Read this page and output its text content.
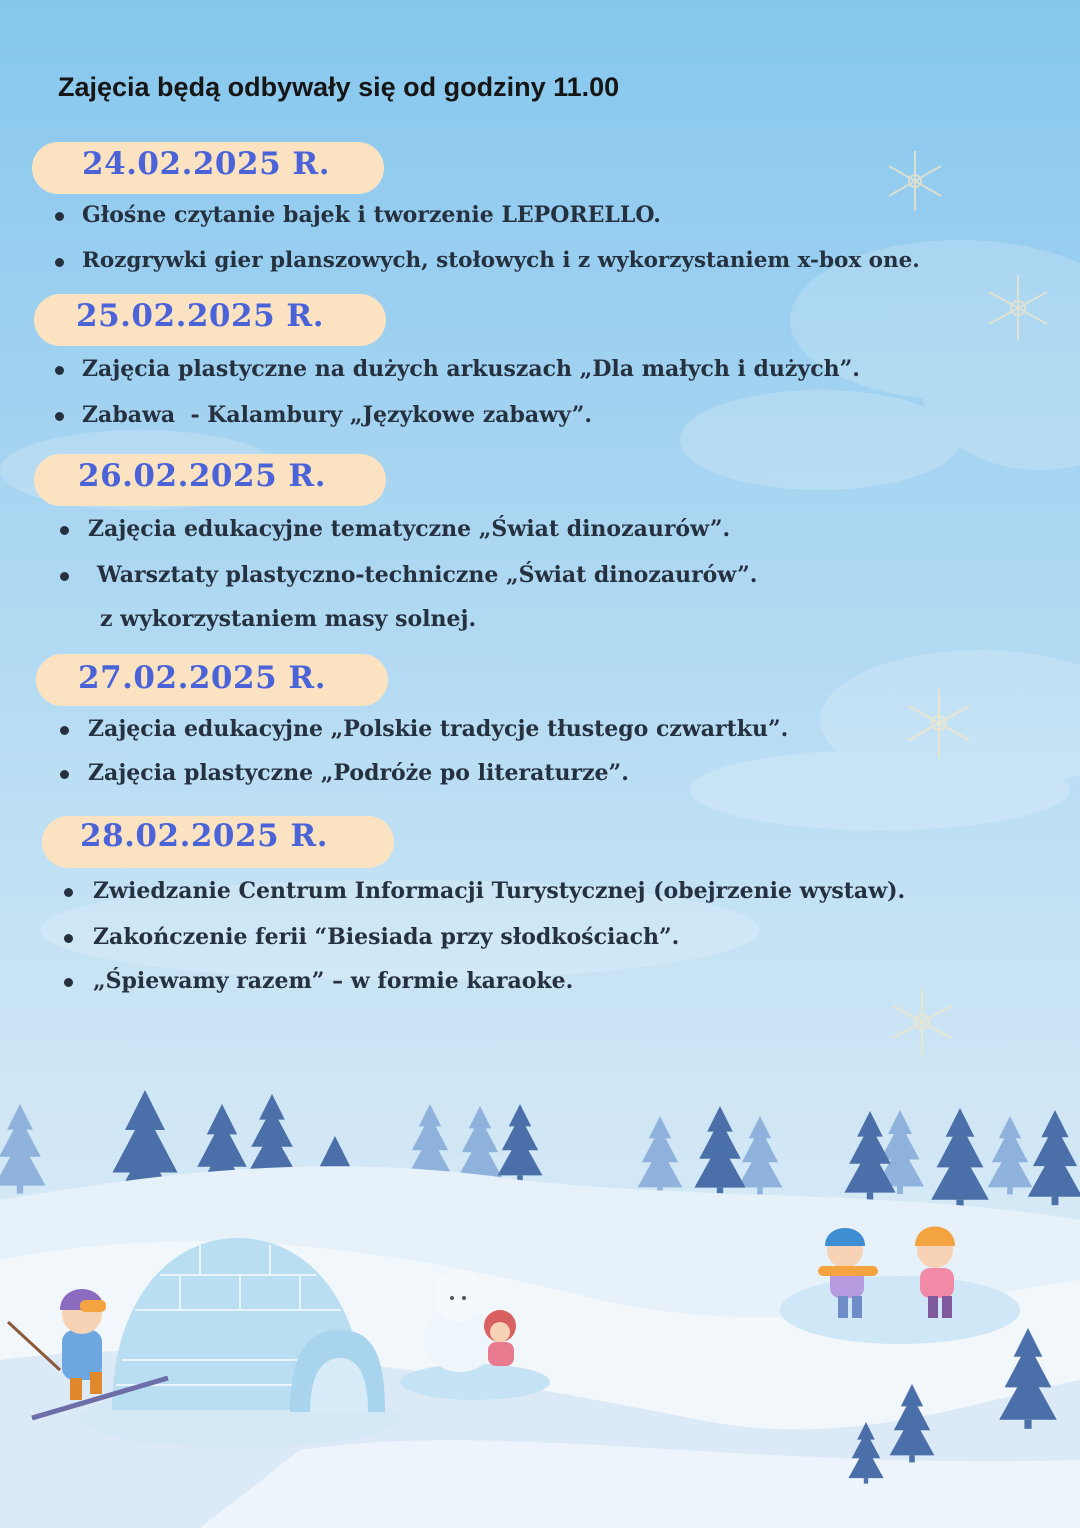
Zajęcia będą odbywały się od godziny 11.00
24.02.2025 R.
Głośne czytanie bajek i tworzenie LEPORELLO.
Rozgrywki gier planszowych, stołowych i z wykorzystaniem x-box one.
25.02.2025 R.
Zajęcia plastyczne na dużych arkuszach „Dla małych i dużych”.
Zabawa  - Kalambury „Językowe zabawy”.
26.02.2025 R.
Zajęcia edukacyjne tematyczne „Świat dinozaurów”.
Warsztaty plastyczno-techniczne „Świat dinozaurów”.
z wykorzystaniem masy solnej.
27.02.2025 R.
Zajęcia edukacyjne „Polskie tradycje tłustego czwartku”.
Zajęcia plastyczne „Podróże po literaturze”.
28.02.2025 R.
Zwiedzanie Centrum Informacji Turystycznej (obejrzenie wystaw).
Zakończenie ferii “Biesiada przy słodkościach”.
„Śpiewamy razem” – w formie karaoke.
